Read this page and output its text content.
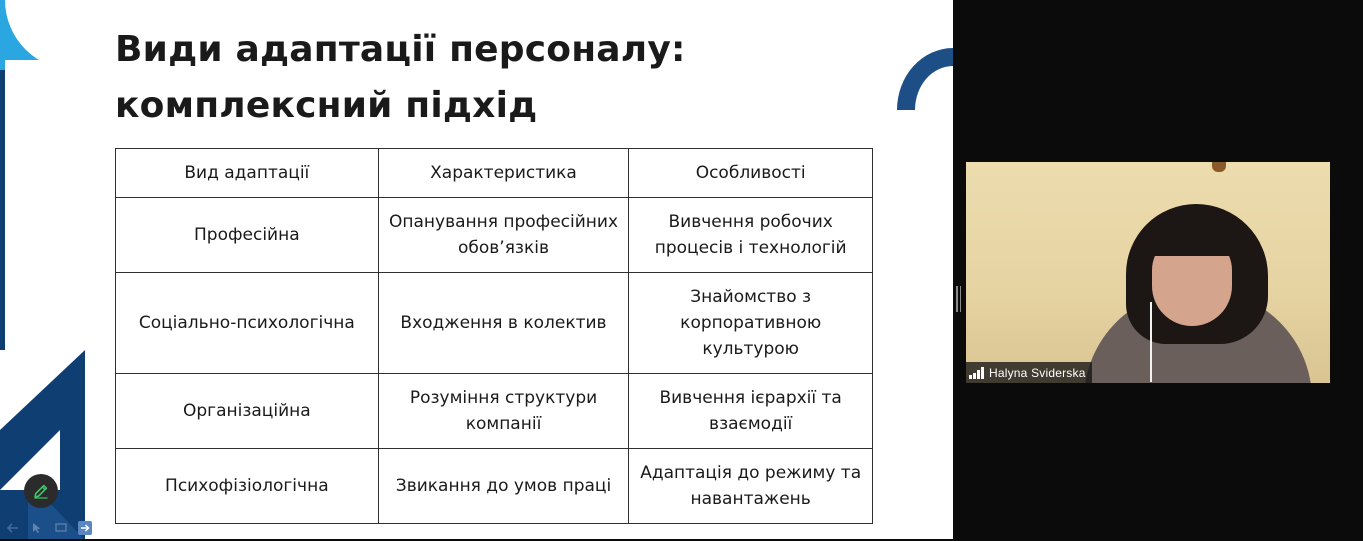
Види адаптації персоналу:
комплексний підхід
Вид адаптації	Характеристика	Особливості
Професійна	Опанування професійних обов’язків	Вивчення робочих процесів і технологій
Соціально-психологічна	Входження в колектив	Знайомство з корпоративною культурою
Організаційна	Розуміння структури компанії	Вивчення ієрархії та взаємодії
Психофізіологічна	Звикання до умов праці	Адаптація до режиму та навантажень
Halyna Sviderska
